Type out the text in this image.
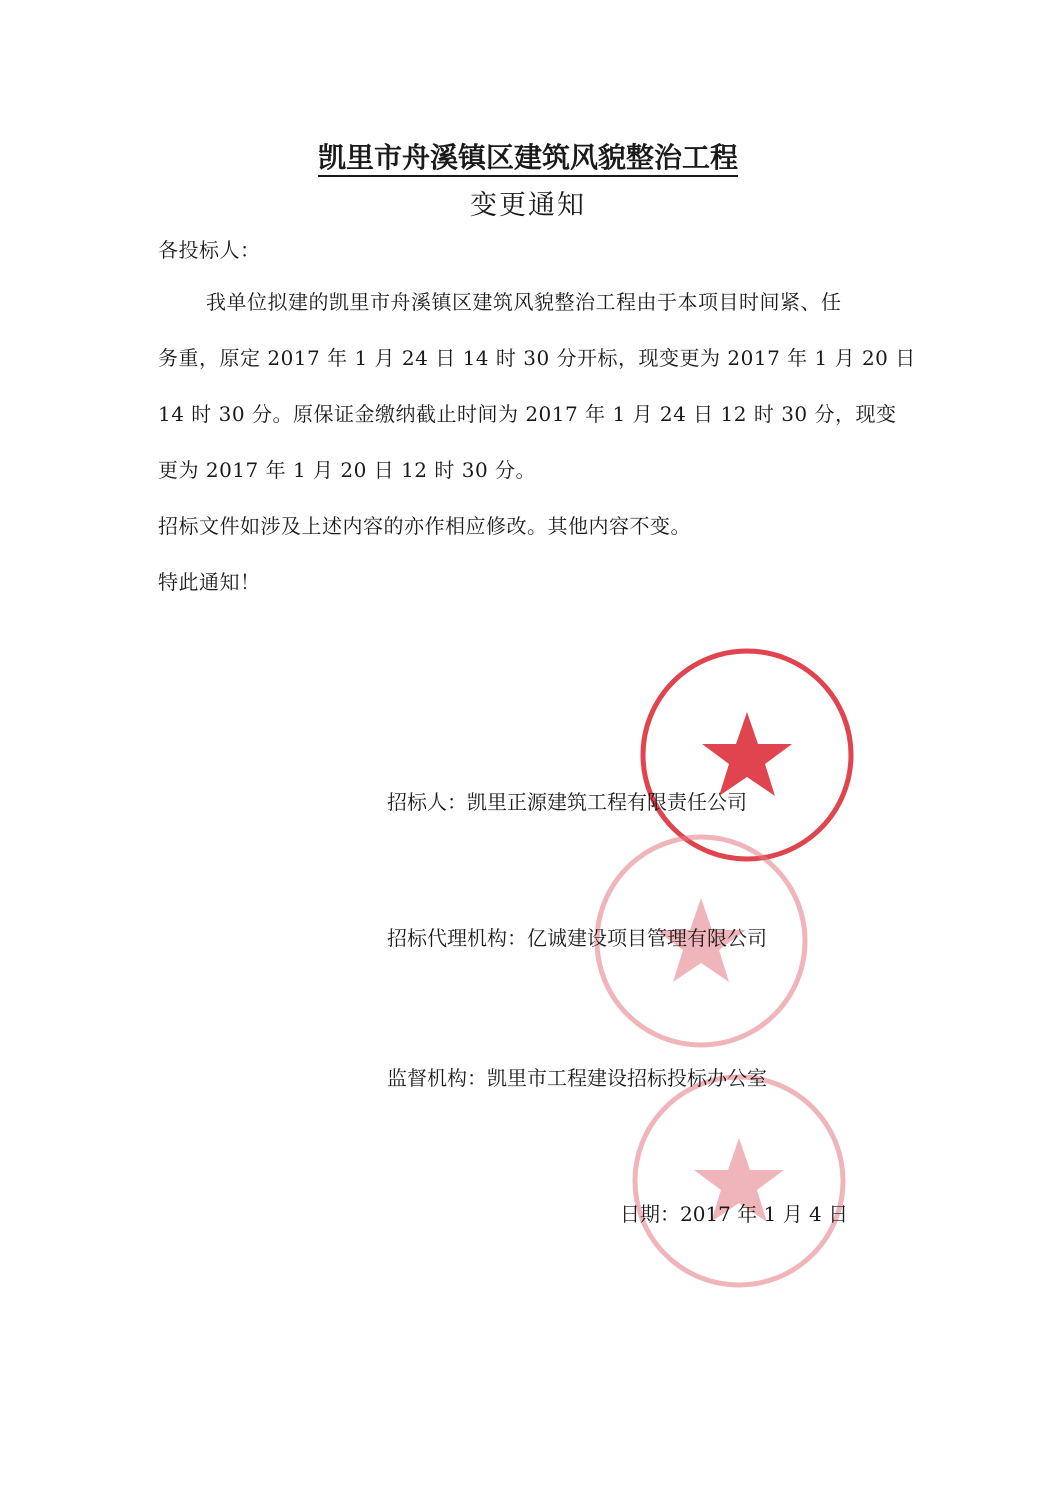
凯里市舟溪镇区建筑风貌整治工程
变更通知
各投标人：
我单位拟建的凯里市舟溪镇区建筑风貌整治工程由于本项目时间紧、任
务重，原定 2017 年 1 月 24 日 14 时 30 分开标，现变更为 2017 年 1 月 20 日
14 时 30 分。原保证金缴纳截止时间为 2017 年 1 月 24 日 12 时 30 分，现变
更为 2017 年 1 月 20 日 12 时 30 分。
招标文件如涉及上述内容的亦作相应修改。其他内容不变。
特此通知！
招标人：凯里正源建筑工程有限责任公司
招标代理机构：亿诚建设项目管理有限公司
监督机构：凯里市工程建设招标投标办公室
日期：2017 年 1 月 4 日
